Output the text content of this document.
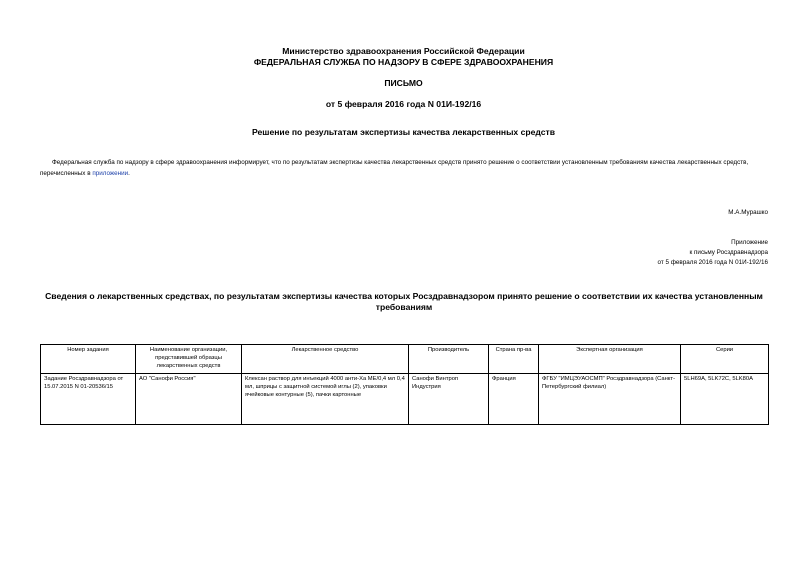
Министерство здравоохранения Российской Федерации
ФЕДЕРАЛЬНАЯ СЛУЖБА ПО НАДЗОРУ В СФЕРЕ ЗДРАВООХРАНЕНИЯ
ПИСЬМО
от 5 февраля 2016 года N 01И-192/16
Решение по результатам экспертизы качества лекарственных средств
Федеральная служба по надзору в сфере здравоохранения информирует, что по результатам экспертизы качества лекарственных средств принято решение о соответствии установленным требованиям качества лекарственных средств, перечисленных в приложении.
М.А.Мурашко
Приложение
к письму Росздравнадзора
от 5 февраля 2016 года N 01И-192/16
Сведения о лекарственных средствах, по результатам экспертизы качества которых Росздравнадзором принято решение о соответствии их качества установленным требованиям
Номер задания	Наименование организации, представившей образцы лекарственных средств	Лекарственное средство	Производитель	Страна пр-ва	Экспертная организация	Серии
Задание Росздравнадзора от 15.07.2015 N 01-20536/15	АО "Санофи Россия"	Клексан раствор для инъекций 4000 анти-Ха МЕ/0,4 мл 0,4 мл, шприцы с защитной системой иглы (2), упаковки ячейковые контурные (5), пачки картонные	Санофи Винтроп Индустрия	Франция	ФГБУ "ИМЦЭУАОСМП" Росздравнадзора (Санкт-Петербургский филиал)	5LH69A, 5LK72C, 5LK80A
